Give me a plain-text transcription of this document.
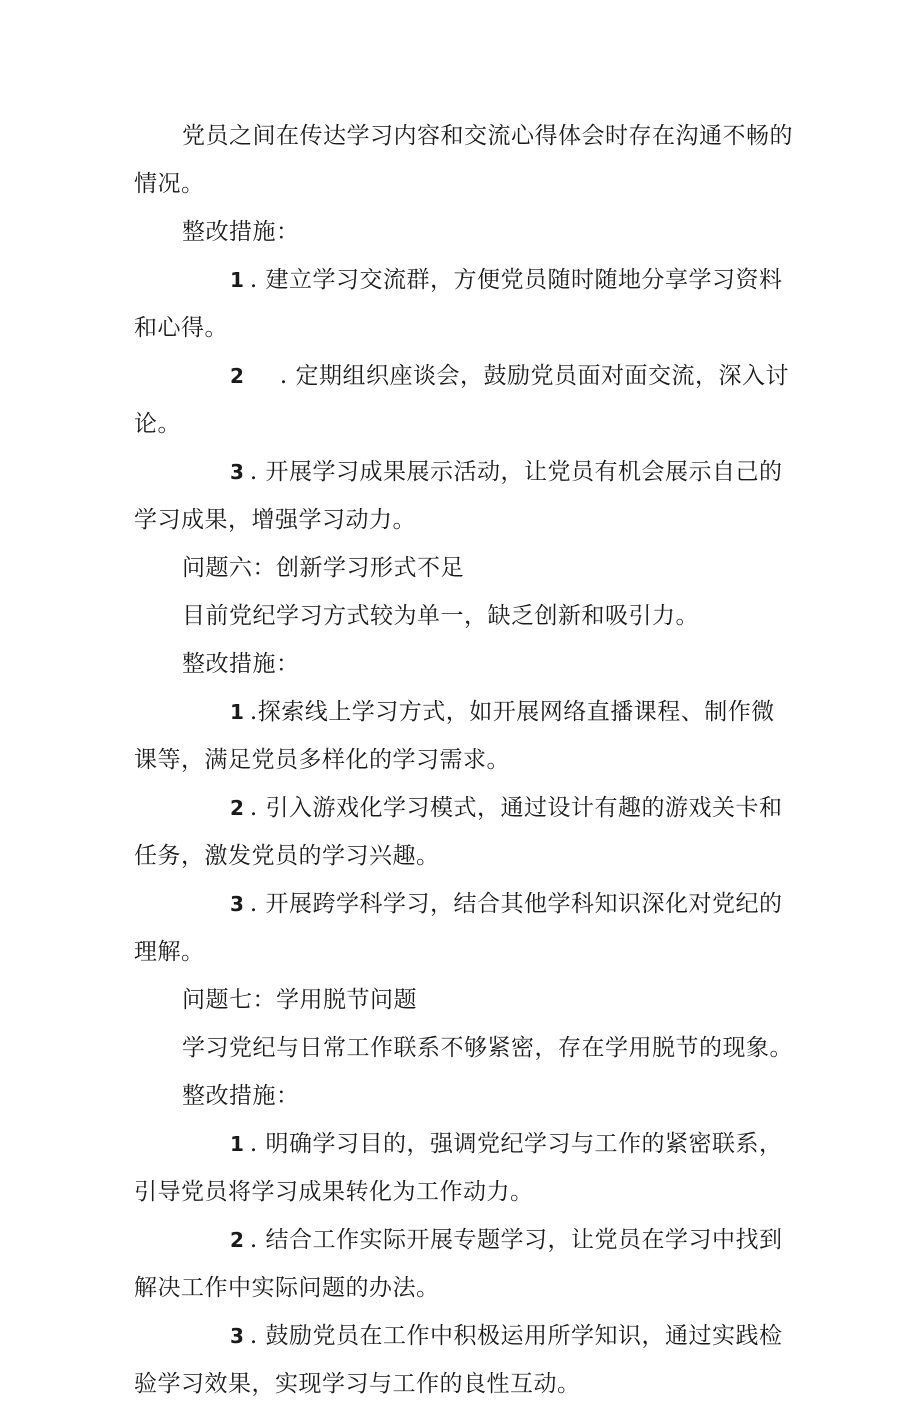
党员之间在传达学习内容和交流心得体会时存在沟通不畅的情况。

整改措施：

1 . 建立学习交流群，方便党员随时随地分享学习资料和心得。

2 . 定期组织座谈会，鼓励党员面对面交流，深入讨论。

3 . 开展学习成果展示活动，让党员有机会展示自己的学习成果，增强学习动力。

问题六：创新学习形式不足

目前党纪学习方式较为单一，缺乏创新和吸引力。

整改措施：

1 .探索线上学习方式，如开展网络直播课程、制作微课等，满足党员多样化的学习需求。

2 . 引入游戏化学习模式，通过设计有趣的游戏关卡和任务，激发党员的学习兴趣。

3 . 开展跨学科学习，结合其他学科知识深化对党纪的理解。

问题七：学用脱节问题

学习党纪与日常工作联系不够紧密，存在学用脱节的现象。

整改措施：

1 . 明确学习目的，强调党纪学习与工作的紧密联系，引导党员将学习成果转化为工作动力。

2 . 结合工作实际开展专题学习，让党员在学习中找到解决工作中实际问题的办法。

3 . 鼓励党员在工作中积极运用所学知识，通过实践检验学习效果，实现学习与工作的良性互动。
